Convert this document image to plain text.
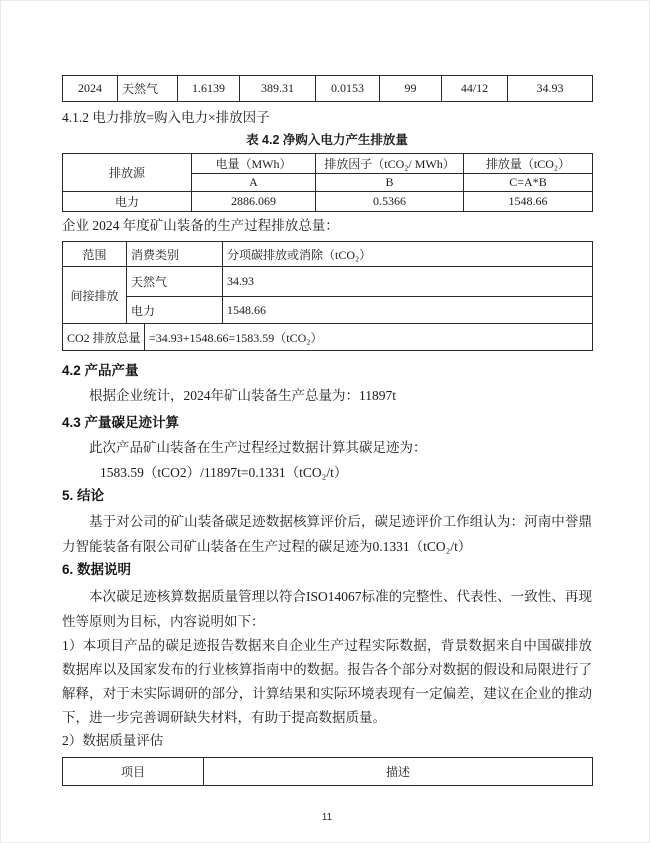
2024	天然气	1.6139	389.31	0.0153	99	44/12	34.93
4.1.2 电力排放=购入电力×排放因子
表 4.2 净购入电力产生排放量
排放源	电量（MWh）	排放因子（tCO₂/ MWh）	排放量（tCO₂）
	A	B	C=A*B
电力	2886.069	0.5366	1548.66
企业 2024 年度矿山装备的生产过程排放总量：
范围	消费类别	分项碳排放或消除（tCO₂）
间接排放	天然气	34.93
	电力	1548.66
CO2 排放总量	=34.93+1548.66=1583.59（tCO₂）
4.2 产品产量

根据企业统计，2024年矿山装备生产总量为：11897t

4.3 产量碳足迹计算

此次产品矿山装备在生产过程经过数据计算其碳足迹为：

1583.59（tCO2）/11897t=0.1331（tCO₂/t）
5. 结论

基于对公司的矿山装备碳足迹数据核算评价后，碳足迹评价工作组认为：河南中誉鼎力智能装备有限公司矿山装备在生产过程的碳足迹为0.1331（tCO₂/t）

6. 数据说明

本次碳足迹核算数据质量管理以符合ISO14067标准的完整性、代表性、一致性、再现性等原则为目标，内容说明如下：

1）本项目产品的碳足迹报告数据来自企业生产过程实际数据，背景数据来自中国碳排放数据库以及国家发布的行业核算指南中的数据。报告各个部分对数据的假设和局限进行了解释，对于未实际调研的部分，计算结果和实际环境表现有一定偏差，建议在企业的推动下，进一步完善调研缺失材料，有助于提高数据质量。

2）数据质量评估

项目	描述
11
